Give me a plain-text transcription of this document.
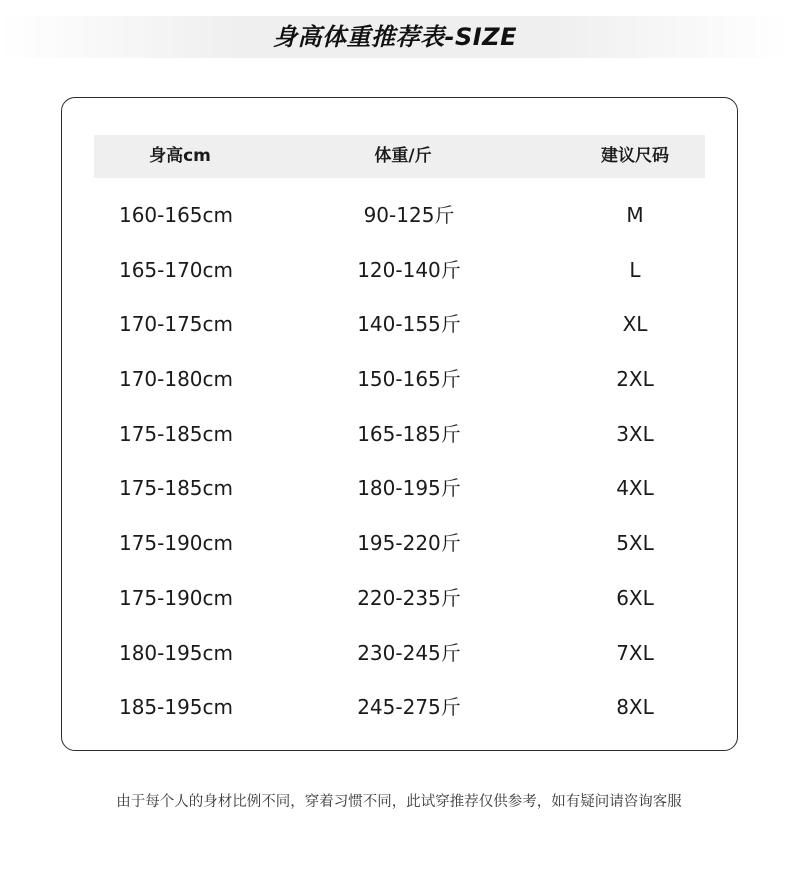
身高体重推荐表-SIZE
身高cm	体重/斤	建议尺码
160-165cm	90-125斤	M
165-170cm	120-140斤	L
170-175cm	140-155斤	XL
170-180cm	150-165斤	2XL
175-185cm	165-185斤	3XL
175-185cm	180-195斤	4XL
175-190cm	195-220斤	5XL
175-190cm	220-235斤	6XL
180-195cm	230-245斤	7XL
185-195cm	245-275斤	8XL
由于每个人的身材比例不同，穿着习惯不同，此试穿推荐仅供参考，如有疑问请咨询客服
